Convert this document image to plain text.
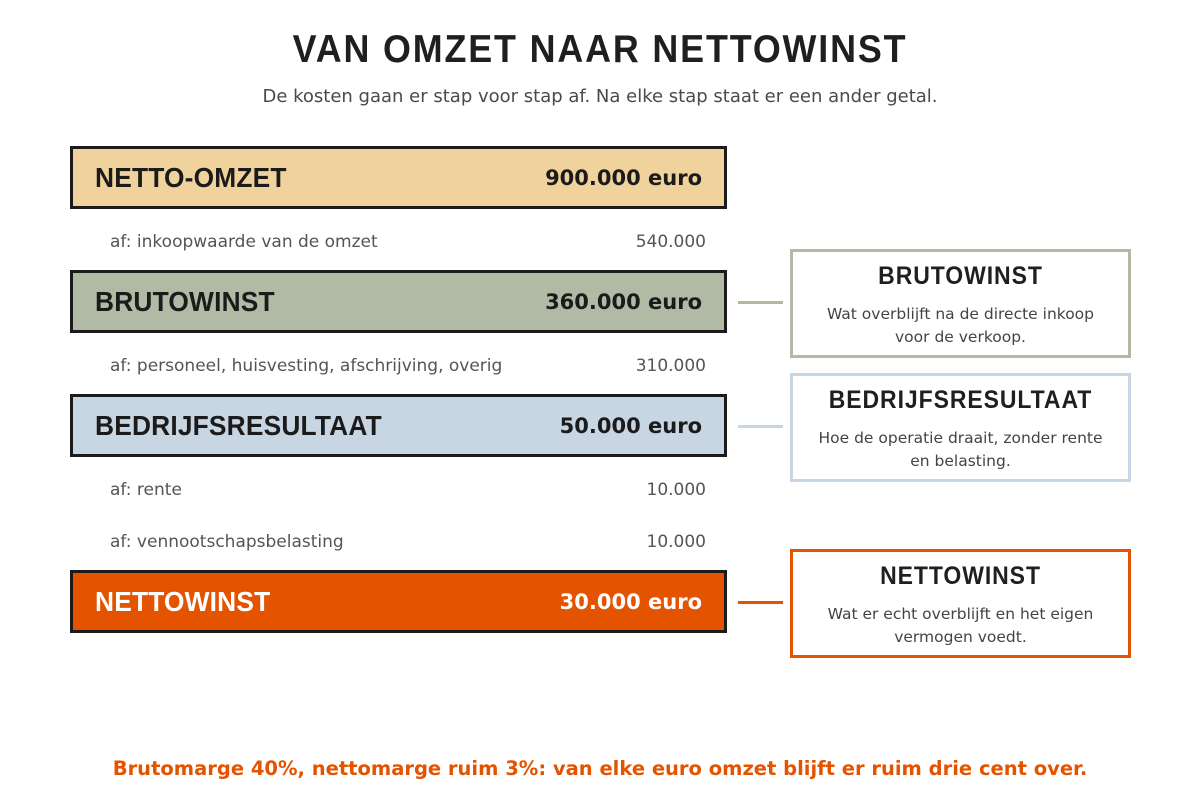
VAN OMZET NAAR NETTOWINST

De kosten gaan er stap voor stap af. Na elke stap staat er een ander getal.

NETTO-OMZET	900.000 euro
af: inkoopwaarde van de omzet	540.000
BRUTOWINST	360.000 euro
af: personeel, huisvesting, afschrijving, overig	310.000
BEDRIJFSRESULTAAT	50.000 euro
af: rente	10.000
af: vennootschapsbelasting	10.000
NETTOWINST	30.000 euro
BRUTOWINST
Wat overblijft na de directe inkoop voor de verkoop.
BEDRIJFSRESULTAAT
Hoe de operatie draait, zonder rente en belasting.
NETTOWINST
Wat er echt overblijft en het eigen vermogen voedt.

Brutomarge 40%, nettomarge ruim 3%: van elke euro omzet blijft er ruim drie cent over.
